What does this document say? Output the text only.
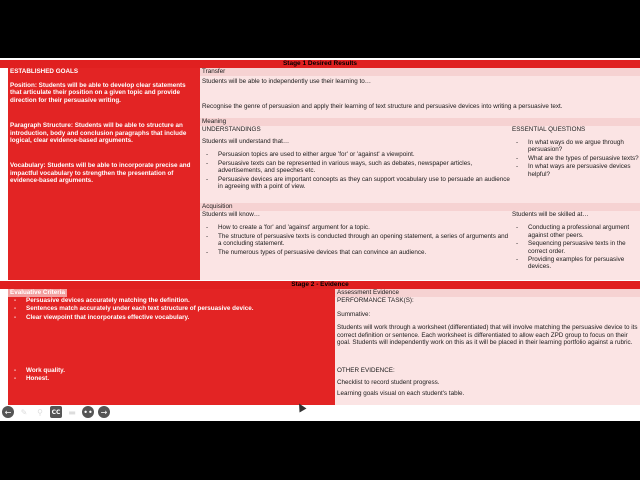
Stage 1 Desired Results
ESTABLISHED GOALS

Position: Students will be able to develop clear statements that articulate their position on a given topic and provide direction for their persuasive writing.

Paragraph Structure: Students will be able to structure an introduction, body and conclusion paragraphs that include logical, clear evidence-based arguments.

Vocabulary: Students will be able to incorporate precise and impactful vocabulary to strengthen the presentation of evidence-based arguments.

Transfer

Students will be able to independently use their learning to…

Recognise the genre of persuasion and apply their learning of text structure and persuasive devices into writing a persuasive text.

Meaning
UNDERSTANDINGS

Students will understand that…

- Persuasion topics are used to either argue 'for' or 'against' a viewpoint.
- Persuasive texts can be represented in various ways, such as debates, newspaper articles, advertisements, and speeches etc.
- Persuasive devices are important concepts as they can support vocabulary use to persuade an audience in agreeing with a point of view.
ESSENTIAL QUESTIONS
- In what ways do we argue through persuasion?
- What are the types of persuasive texts?
- In what ways are persuasive devices helpful?
Acquisition

Students will know…

- How to create a 'for' and 'against' argument for a topic.
- The structure of persuasive texts is conducted through an opening statement, a series of arguments and a concluding statement.
- The numerous types of persuasive devices that can convince an audience.

Students will be skilled at…

- Conducting a professional argument against other peers.
- Sequencing persuasive texts in the correct order.
- Providing examples for persuasive devices.
Stage 2 - Evidence
Evaluative Criteria
- Persuasive devices accurately matching the definition.
- Sentences match accurately under each text structure of persuasive device.
- Clear viewpoint that incorporates effective vocabulary.
- Work quality.
- Honest.
Assessment Evidence
PERFORMANCE TASK(S):

Summative:

Students will work through a worksheet (differentiated) that will involve matching the persuasive device to its correct definition or sentence. Each worksheet is differentiated to allow each ZPD group to focus on their goal. Students will independently work on this as it will be placed in their learning portfolio against a rubric.

OTHER EVIDENCE:

Checklist to record student progress.

Learning goals visual on each student's table.

←	✎	⚲	CC ▬ •• →
